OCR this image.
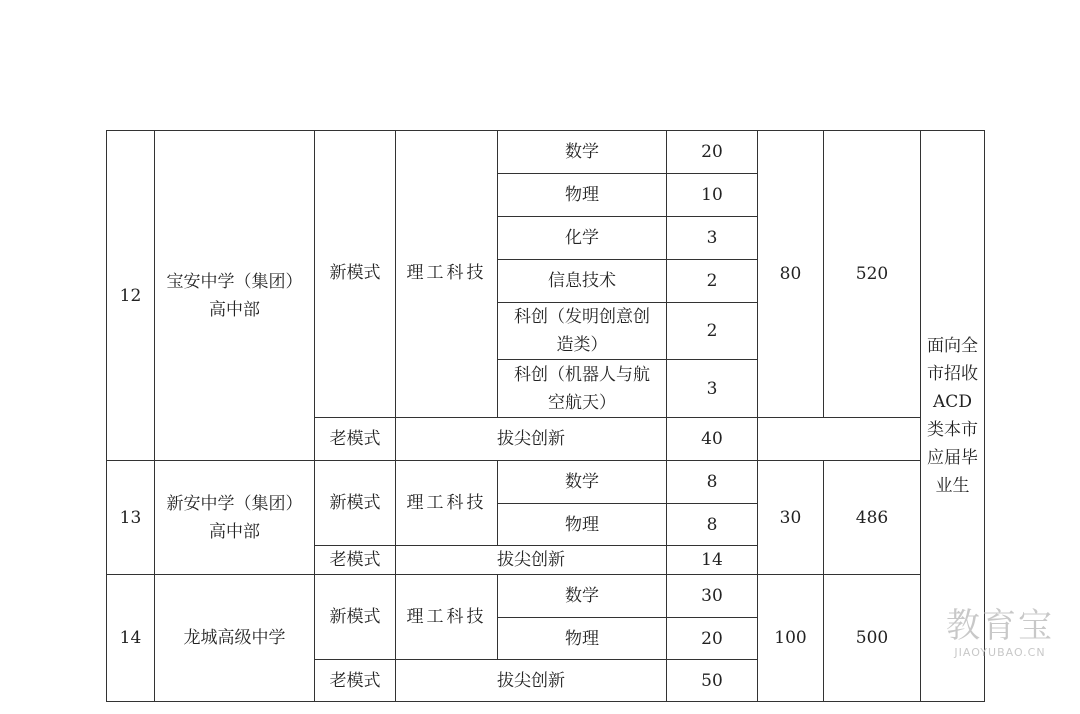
12	宝安中学（集团）高中部	新模式	理工科技	数学	20	80	520	面向全市招收ACD类本市应届毕业生
				物理	10			
				化学	3			
				信息技术	2			
				科创（发明创意创造类）	2			
				科创（机器人与航空航天）	3			
		老模式	拔尖创新		40			
13	新安中学（集团）高中部	新模式	理工科技	数学	8	30	486	
				物理	8			
		老模式	拔尖创新		14			
14	龙城高级中学	新模式	理工科技	数学	30	100	500	
				物理	20			
		老模式	拔尖创新		50			
教育宝
JIAOYUBAO.CN
